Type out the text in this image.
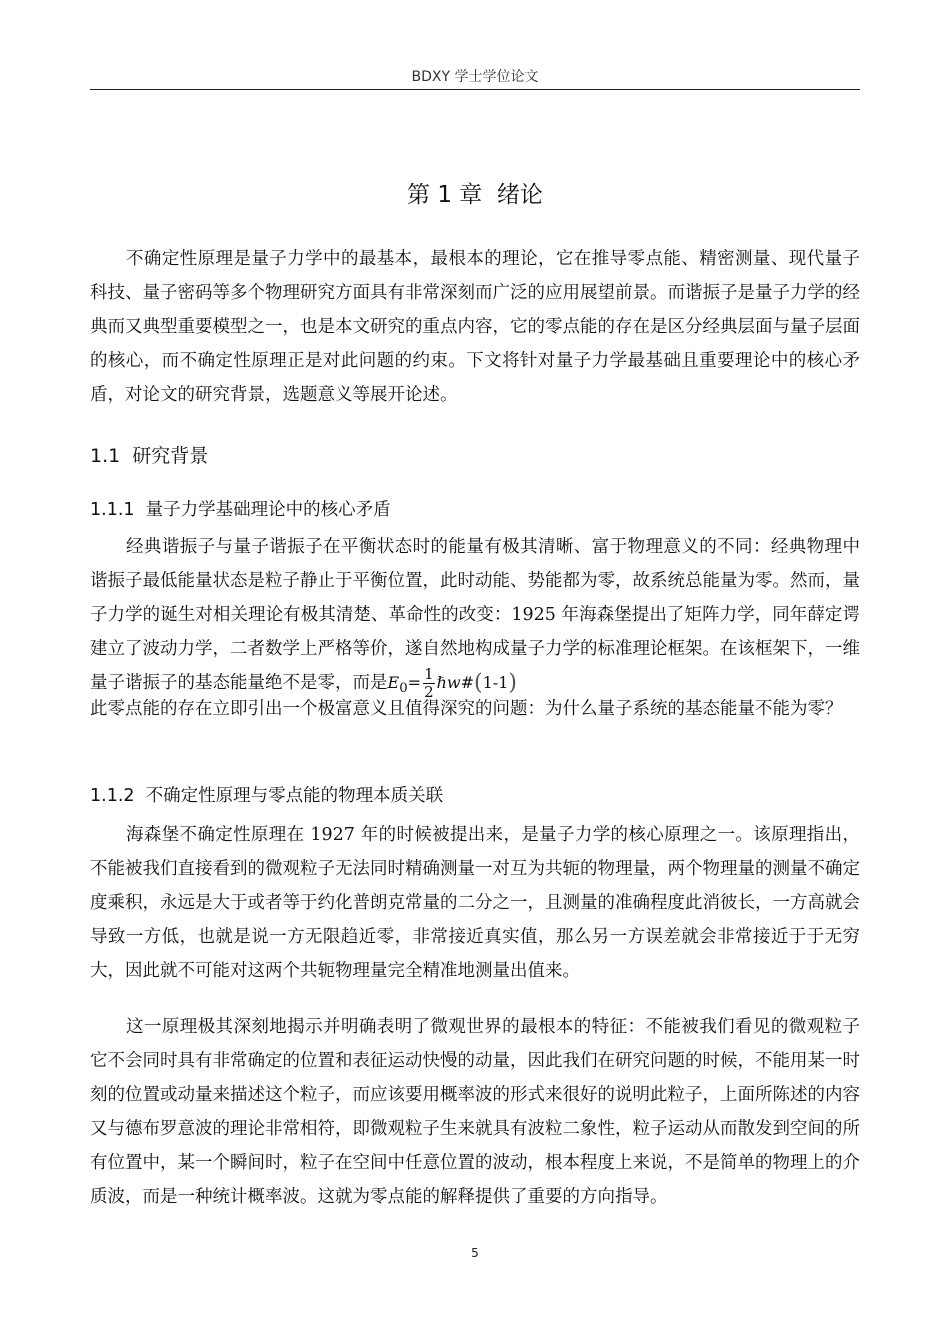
BDXY 学士学位论文
第 1 章  绪论

不确定性原理是量子力学中的最基本，最根本的理论，它在推导零点能、精密测量、现代量子科技、量子密码等多个物理研究方面具有非常深刻而广泛的应用展望前景。而谐振子是量子力学的经典而又典型重要模型之一，也是本文研究的重点内容，它的零点能的存在是区分经典层面与量子层面的核心，而不确定性原理正是对此问题的约束。下文将针对量子力学最基础且重要理论中的核心矛盾，对论文的研究背景，选题意义等展开论述。

1.1  研究背景
1.1.1  量子力学基础理论中的核心矛盾

经典谐振子与量子谐振子在平衡状态时的能量有极其清晰、富于物理意义的不同：经典物理中谐振子最低能量状态是粒子静止于平衡位置，此时动能、势能都为零，故系统总能量为零。然而，量子力学的诞生对相关理论有极其清楚、革命性的改变：1925 年海森堡提出了矩阵力学，同年薛定谔建立了波动力学，二者数学上严格等价，遂自然地构成量子力学的标准理论框架。在该框架下，一维量子谐振子的基态能量绝不是零，而是$E_0= \frac{1}{2}$ ℏw#(1-1)

此零点能的存在立即引出一个极富意义且值得深究的问题：为什么量子系统的基态能量不能为零？

1.1.2  不确定性原理与零点能的物理本质关联

海森堡不确定性原理在 1927 年的时候被提出来，是量子力学的核心原理之一。该原理指出，不能被我们直接看到的微观粒子无法同时精确测量一对互为共轭的物理量，两个物理量的测量不确定度乘积，永远是大于或者等于约化普朗克常量的二分之一，且测量的准确程度此消彼长，一方高就会导致一方低，也就是说一方无限趋近零，非常接近真实值，那么另一方误差就会非常接近于于无穷大，因此就不可能对这两个共轭物理量完全精准地测量出值来。

这一原理极其深刻地揭示并明确表明了微观世界的最根本的特征：不能被我们看见的微观粒子它不会同时具有非常确定的位置和表征运动快慢的动量，因此我们在研究问题的时候，不能用某一时刻的位置或动量来描述这个粒子，而应该要用概率波的形式来很好的说明此粒子，上面所陈述的内容又与德布罗意波的理论非常相符，即微观粒子生来就具有波粒二象性，粒子运动从而散发到空间的所有位置中，某一个瞬间时，粒子在空间中任意位置的波动，根本程度上来说，不是简单的物理上的介质波，而是一种统计概率波。这就为零点能的解释提供了重要的方向指导。

5
